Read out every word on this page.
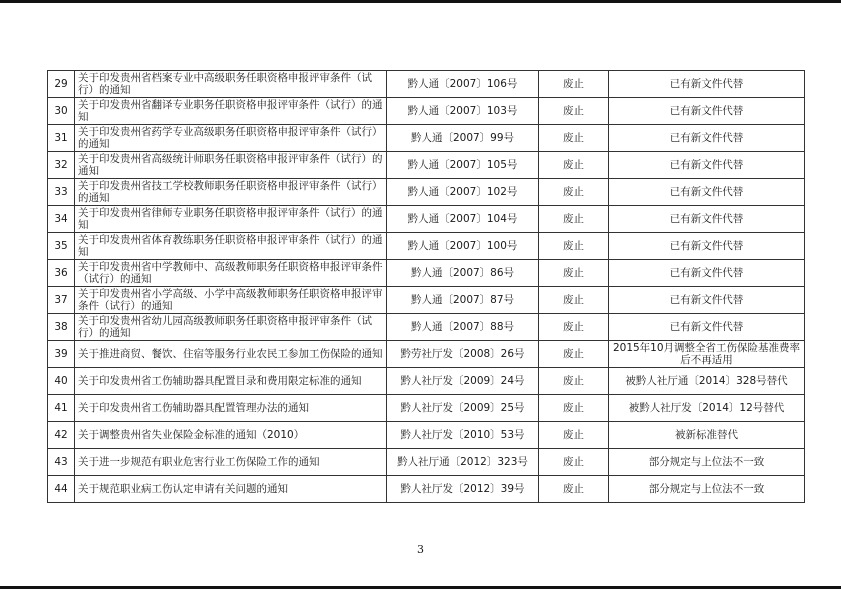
29	关于印发贵州省档案专业中高级职务任职资格申报评审条件（试行）的通知	黔人通〔2007〕106号	废止	已有新文件代替
30	关于印发贵州省翻译专业职务任职资格申报评审条件（试行）的通知	黔人通〔2007〕103号	废止	已有新文件代替
31	关于印发贵州省药学专业高级职务任职资格申报评审条件（试行）的通知	黔人通〔2007〕99号	废止	已有新文件代替
32	关于印发贵州省高级统计师职务任职资格申报评审条件（试行）的通知	黔人通〔2007〕105号	废止	已有新文件代替
33	关于印发贵州省技工学校教师职务任职资格申报评审条件（试行）的通知	黔人通〔2007〕102号	废止	已有新文件代替
34	关于印发贵州省律师专业职务任职资格申报评审条件（试行）的通知	黔人通〔2007〕104号	废止	已有新文件代替
35	关于印发贵州省体育教练职务任职资格申报评审条件（试行）的通知	黔人通〔2007〕100号	废止	已有新文件代替
36	关于印发贵州省中学教师中、高级教师职务任职资格申报评审条件（试行）的通知	黔人通〔2007〕86号	废止	已有新文件代替
37	关于印发贵州省小学高级、小学中高级教师职务任职资格申报评审条件（试行）的通知	黔人通〔2007〕87号	废止	已有新文件代替
38	关于印发贵州省幼儿园高级教师职务任职资格申报评审条件（试行）的通知	黔人通〔2007〕88号	废止	已有新文件代替
39	关于推进商贸、餐饮、住宿等服务行业农民工参加工伤保险的通知	黔劳社厅发〔2008〕26号	废止	2015年10月调整全省工伤保险基准费率后不再适用
40	关于印发贵州省工伤辅助器具配置目录和费用限定标准的通知	黔人社厅发〔2009〕24号	废止	被黔人社厅通〔2014〕328号替代
41	关于印发贵州省工伤辅助器具配置管理办法的通知	黔人社厅发〔2009〕25号	废止	被黔人社厅发〔2014〕12号替代
42	关于调整贵州省失业保险金标准的通知（2010）	黔人社厅发〔2010〕53号	废止	被新标准替代
43	关于进一步规范有职业危害行业工伤保险工作的通知	黔人社厅通〔2012〕323号	废止	部分规定与上位法不一致
44	关于规范职业病工伤认定申请有关问题的通知	黔人社厅发〔2012〕39号	废止	部分规定与上位法不一致
3
